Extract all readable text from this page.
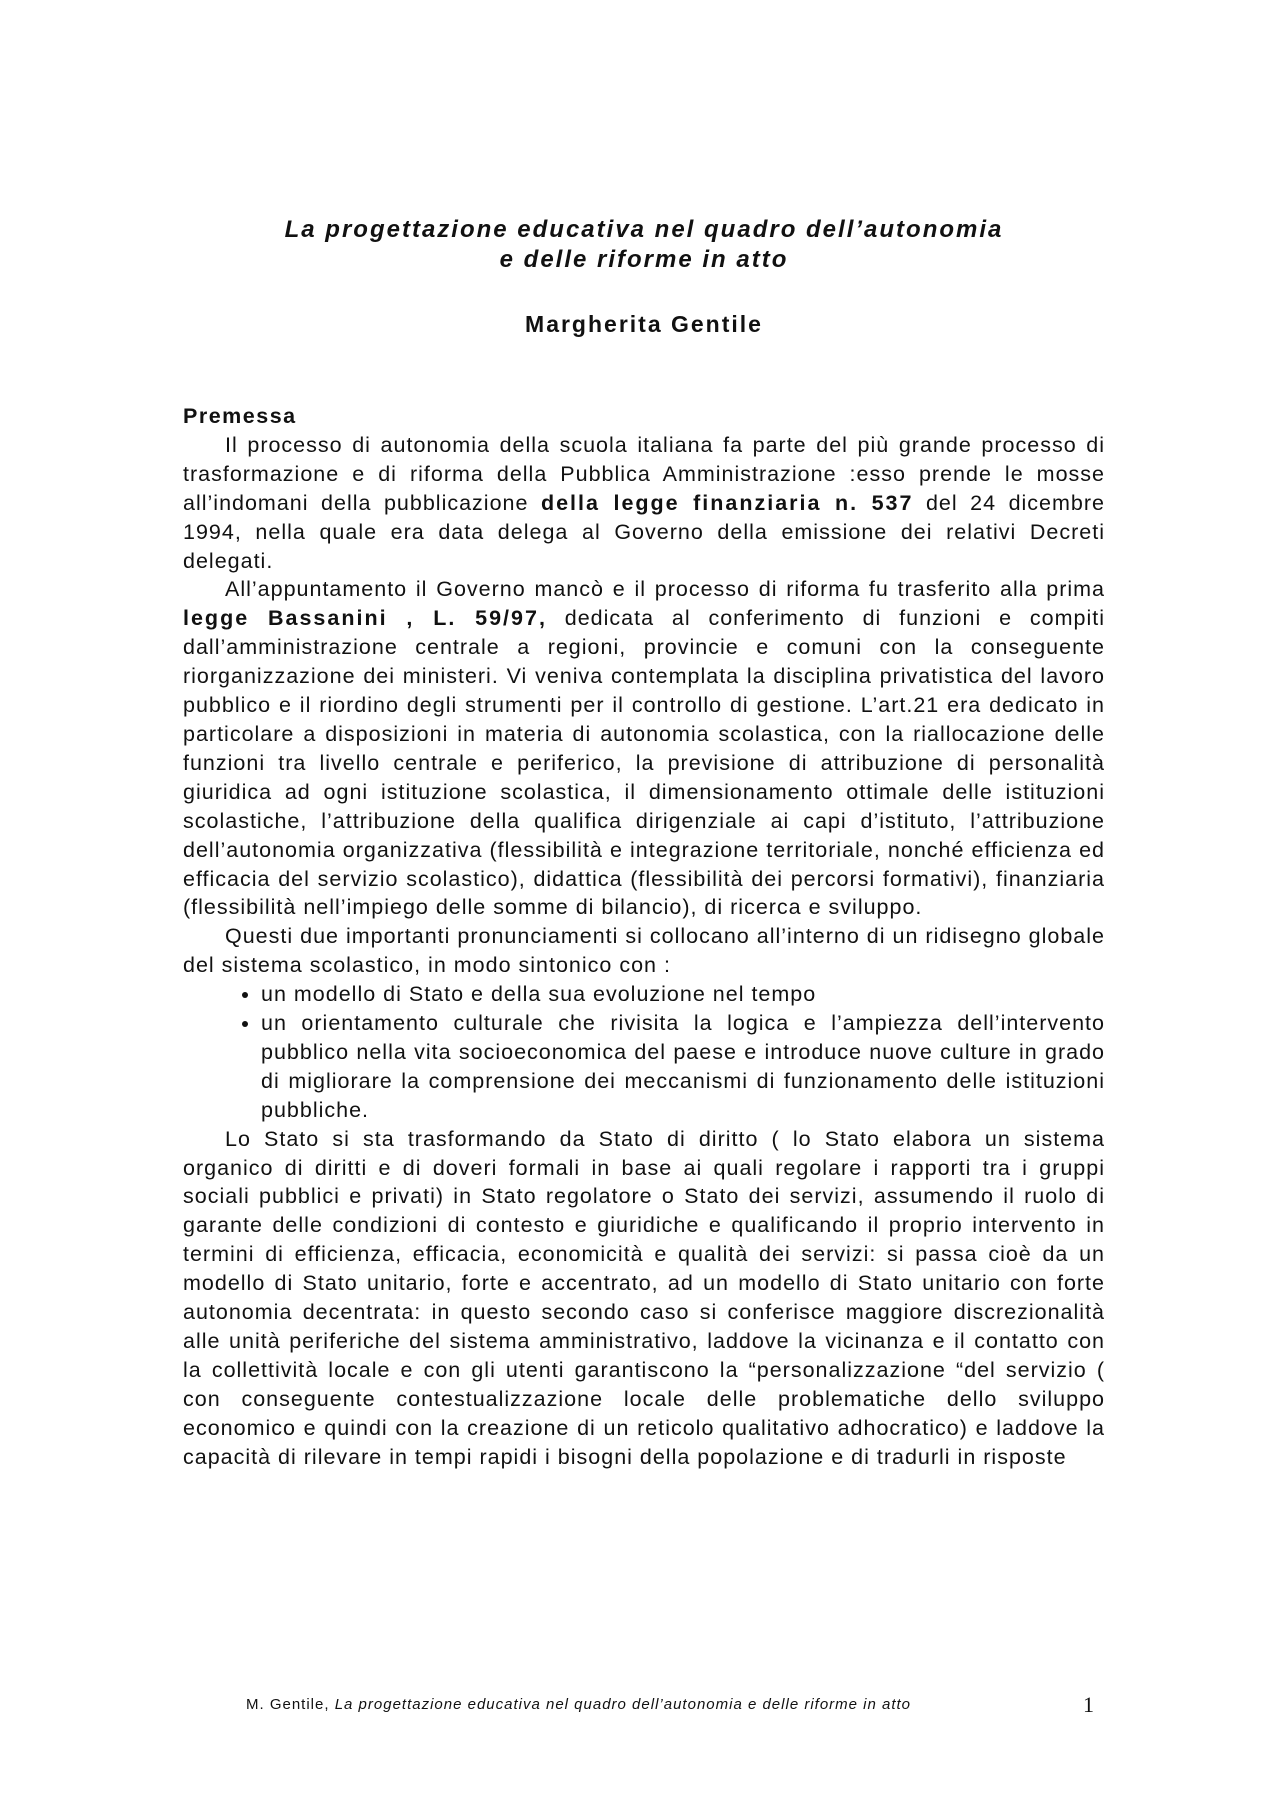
La progettazione educativa nel quadro dell’autonomia
e delle riforme in atto
Margherita Gentile

Premessa

Il processo di autonomia della scuola italiana fa parte del più grande processo di trasformazione e di riforma della Pubblica Amministrazione :esso prende le mosse all’indomani della pubblicazione della legge finanziaria n. 537 del 24 dicembre 1994, nella quale era data delega al Governo della emissione dei relativi Decreti delegati.

All’appuntamento il Governo mancò e il processo di riforma fu trasferito alla prima legge Bassanini , L. 59/97, dedicata al conferimento di funzioni e compiti dall’amministrazione centrale a regioni, provincie e comuni con la conseguente riorganizzazione dei ministeri. Vi veniva contemplata la disciplina privatistica del lavoro pubblico e il riordino degli strumenti per il controllo di gestione. L’art.21 era dedicato in particolare a disposizioni in materia di autonomia scolastica, con la riallocazione delle funzioni tra livello centrale e periferico, la previsione di attribuzione di personalità giuridica ad ogni istituzione scolastica, il dimensionamento ottimale delle istituzioni scolastiche, l’attribuzione della qualifica dirigenziale ai capi d’istituto, l’attribuzione dell’autonomia organizzativa (flessibilità e integrazione territoriale, nonché efficienza ed efficacia del servizio scolastico), didattica (flessibilità dei percorsi formativi), finanziaria (flessibilità nell’impiego delle somme di bilancio), di ricerca e sviluppo.

Questi due importanti pronunciamenti si collocano all’interno di un ridisegno globale del sistema scolastico, in modo sintonico con :

• un modello di Stato e della sua evoluzione nel tempo
• un orientamento culturale che rivisita la logica e l’ampiezza dell’intervento pubblico nella vita socioeconomica del paese e introduce nuove culture in grado di migliorare la comprensione dei meccanismi di funzionamento delle istituzioni pubbliche.

Lo Stato si sta trasformando da Stato di diritto ( lo Stato elabora un sistema organico di diritti e di doveri formali in base ai quali regolare i rapporti tra i gruppi sociali pubblici e privati) in Stato regolatore o Stato dei servizi, assumendo il ruolo di garante delle condizioni di contesto e giuridiche e qualificando il proprio intervento in termini di efficienza, efficacia, economicità e qualità dei servizi: si passa cioè da un modello di Stato unitario, forte e accentrato, ad un modello di Stato unitario con forte autonomia decentrata: in questo secondo caso si conferisce maggiore discrezionalità alle unità periferiche del sistema amministrativo, laddove la vicinanza e il contatto con la collettività locale e con gli utenti garantiscono la “personalizzazione “del servizio ( con conseguente contestualizzazione locale delle problematiche dello sviluppo economico e quindi con la creazione di un reticolo qualitativo adhocratico) e laddove la capacità di rilevare in tempi rapidi i bisogni della popolazione e di tradurli in risposte

M. Gentile, La progettazione educativa nel quadro dell’autonomia e delle riforme in atto	1
